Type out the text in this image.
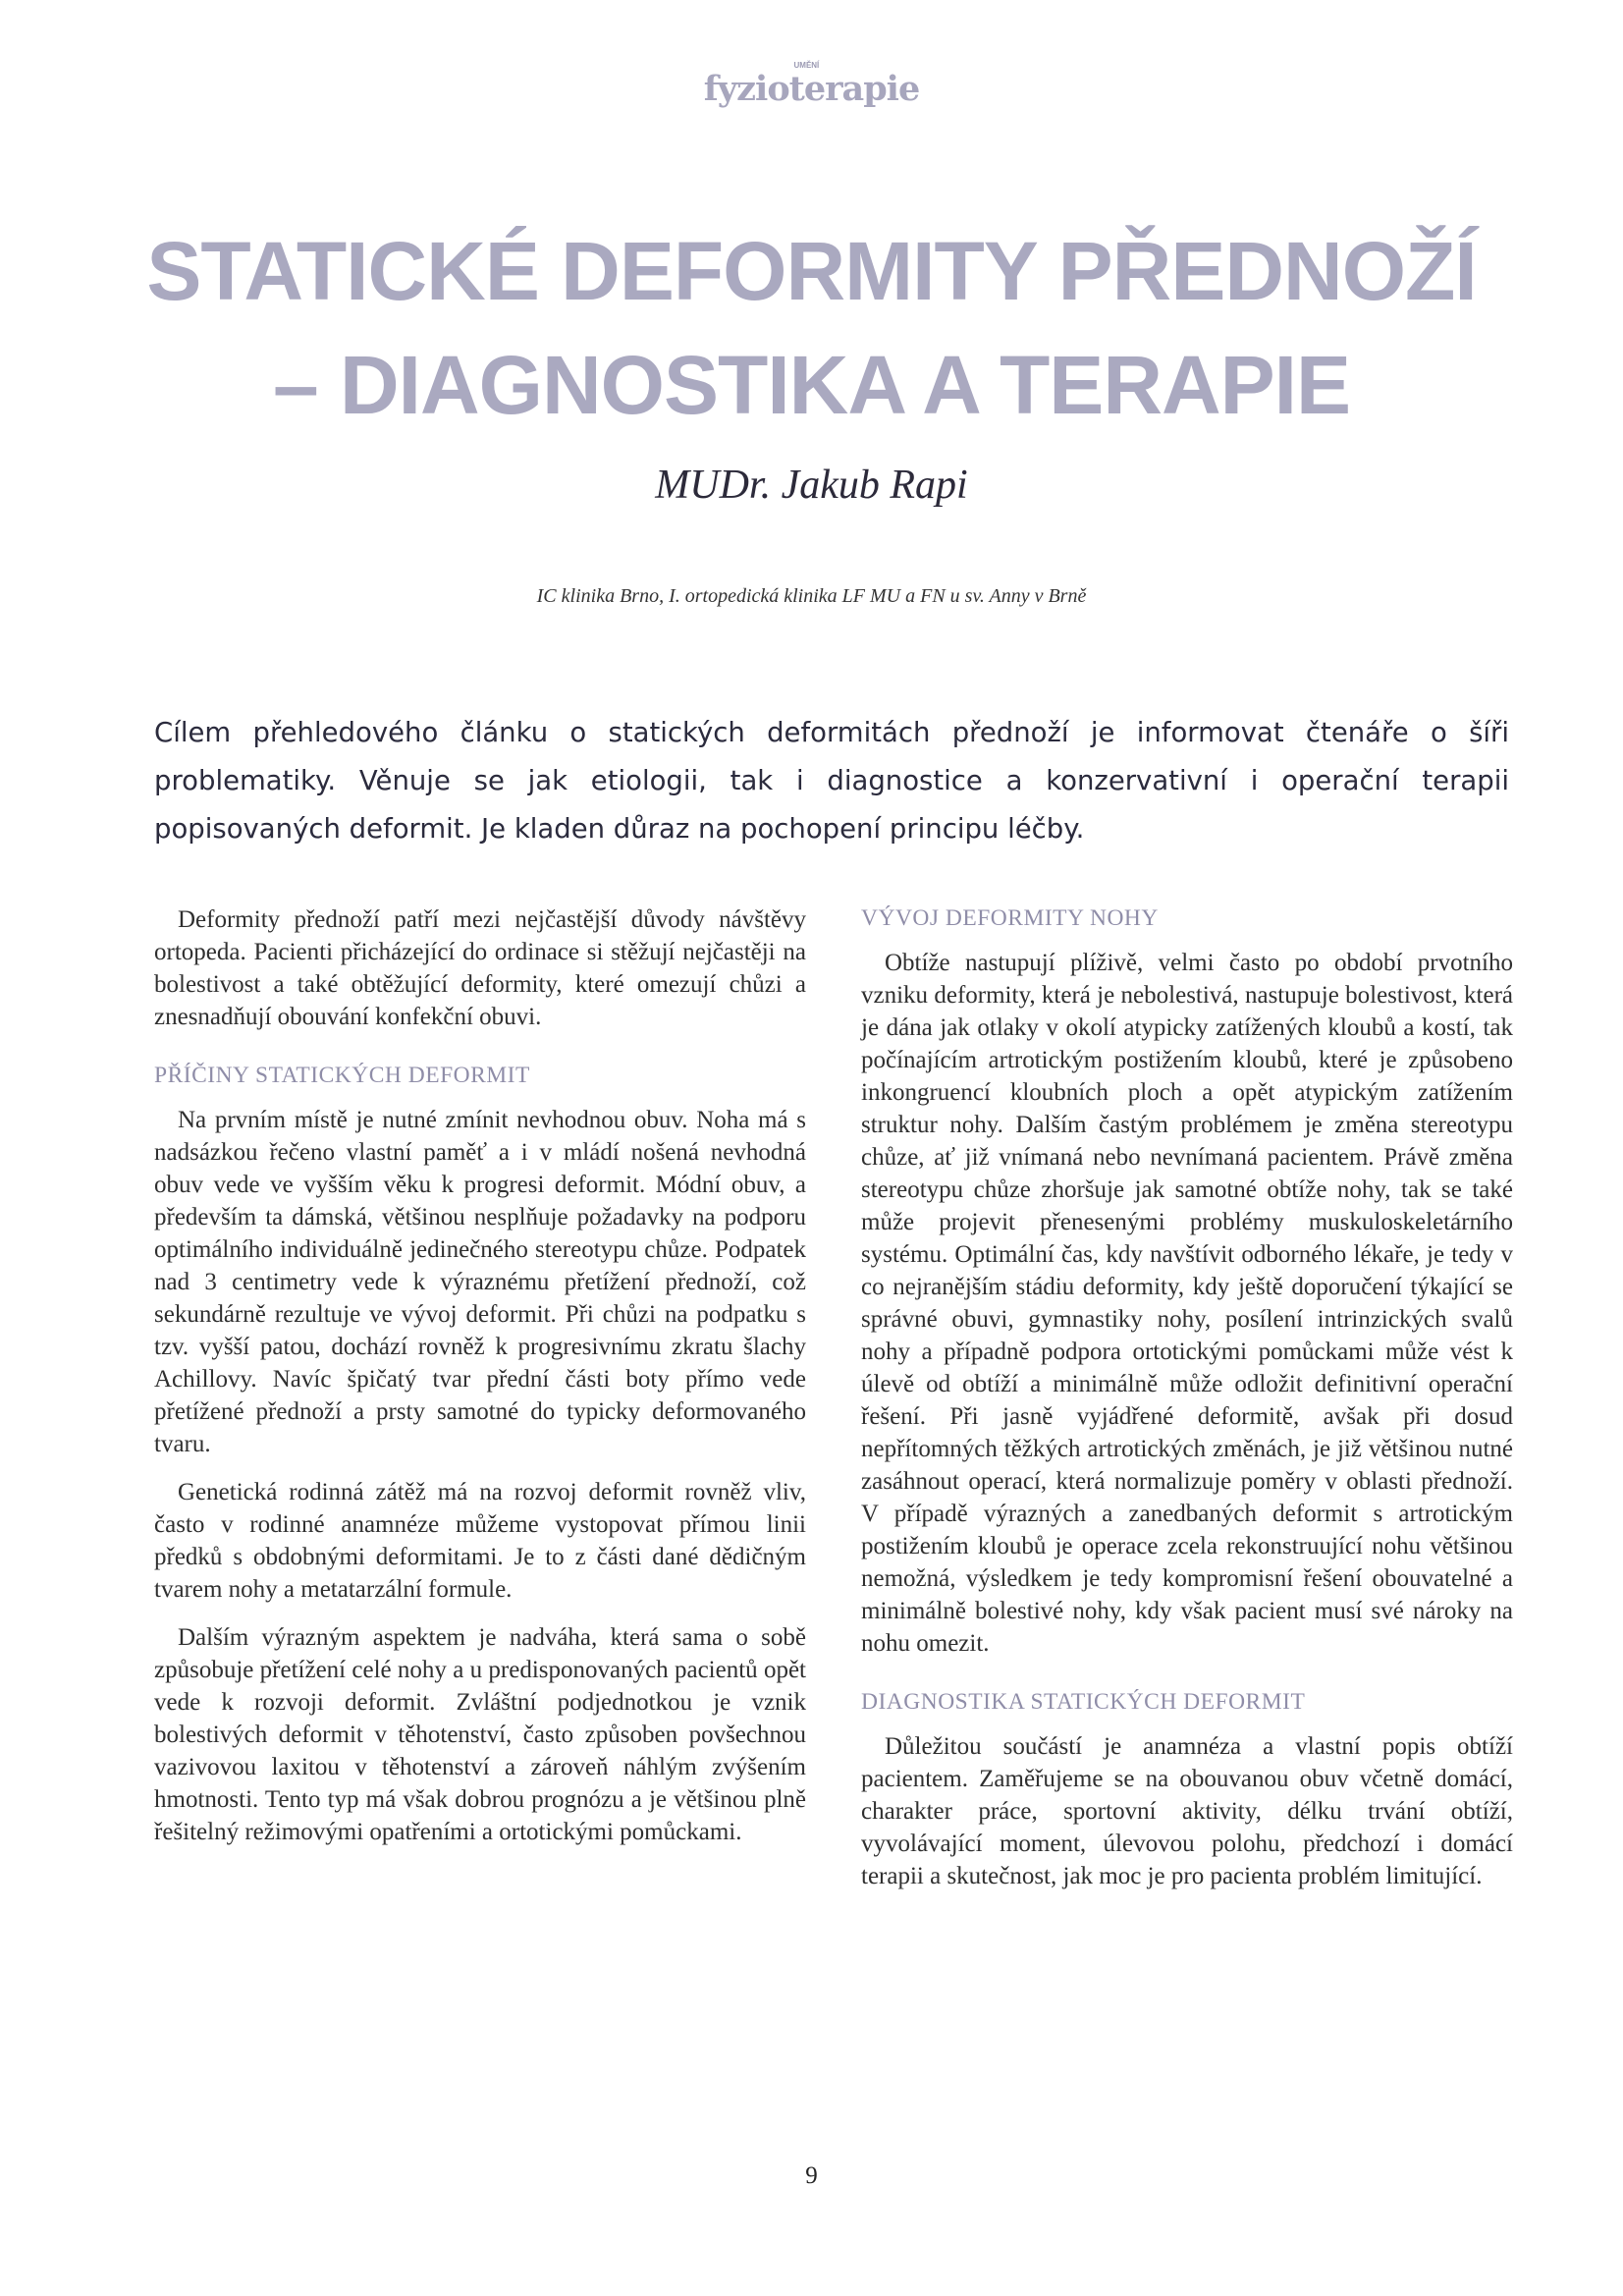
UMĚNÍ
fyzioterapie
STATICKÉ DEFORMITY PŘEDNOŽÍ
– DIAGNOSTIKA A TERAPIE
MUDr. Jakub Rapi
IC klinika Brno, I. ortopedická klinika LF MU a FN u sv. Anny v Brně

Cílem přehledového článku o statických deformitách přednoží je informovat čtenáře o šíři problematiky. Věnuje se jak etiologii, tak i diagnostice a konzervativní i operační terapii popisovaných deformit. Je kladen důraz na pochopení principu léčby.

Deformity přednoží patří mezi nejčastější důvody návštěvy ortopeda. Pacienti přicházející do ordinace si stěžují nejčastěji na bolestivost a také obtěžující deformity, které omezují chůzi a znesnadňují obouvání konfekční obuvi.

PŘÍČINY STATICKÝCH DEFORMIT

Na prvním místě je nutné zmínit nevhodnou obuv. Noha má s nadsázkou řečeno vlastní paměť a i v mládí nošená nevhodná obuv vede ve vyšším věku k progresi deformit. Módní obuv, a především ta dámská, většinou nesplňuje požadavky na podporu optimálního individuálně jedinečného stereotypu chůze. Podpatek nad 3 centimetry vede k výraznému přetížení přednoží, což sekundárně rezultuje ve vývoj deformit. Při chůzi na podpatku s tzv. vyšší patou, dochází rovněž k progresivnímu zkratu šlachy Achillovy. Navíc špičatý tvar přední části boty přímo vede přetížené přednoží a prsty samotné do typicky deformovaného tvaru.

Genetická rodinná zátěž má na rozvoj deformit rovněž vliv, často v rodinné anamnéze můžeme vystopovat přímou linii předků s obdobnými deformitami. Je to z části dané dědičným tvarem nohy a metatarzální formule.

Dalším výrazným aspektem je nadváha, která sama o sobě způsobuje přetížení celé nohy a u predisponovaných pacientů opět vede k rozvoji deformit. Zvláštní podjednotkou je vznik bolestivých deformit v těhotenství, často způsoben povšechnou vazivovou laxitou v těhotenství a zároveň náhlým zvýšením hmotnosti. Tento typ má však dobrou prognózu a je většinou plně řešitelný režimovými opatřeními a ortotickými pomůckami.

VÝVOJ DEFORMITY NOHY

Obtíže nastupují plíživě, velmi často po období prvotního vzniku deformity, která je nebolestivá, nastupuje bolestivost, která je dána jak otlaky v okolí atypicky zatížených kloubů a kostí, tak počínajícím artrotickým postižením kloubů, které je způsobeno inkongruencí kloubních ploch a opět atypickým zatížením struktur nohy. Dalším častým problémem je změna stereotypu chůze, ať již vnímaná nebo nevnímaná pacientem. Právě změna stereotypu chůze zhoršuje jak samotné obtíže nohy, tak se také může projevit přenesenými problémy muskuloskeletárního systému. Optimální čas, kdy navštívit odborného lékaře, je tedy v co nejranějším stádiu deformity, kdy ještě doporučení týkající se správné obuvi, gymnastiky nohy, posílení intrinzických svalů nohy a případně podpora ortotickými pomůckami může vést k úlevě od obtíží a minimálně může odložit definitivní operační řešení. Při jasně vyjádřené deformitě, avšak při dosud nepřítomných těžkých artrotických změnách, je již většinou nutné zasáhnout operací, která normalizuje poměry v oblasti přednoží. V případě výrazných a zanedbaných deformit s artrotickým postižením kloubů je operace zcela rekonstruující nohu většinou nemožná, výsledkem je tedy kompromisní řešení obouvatelné a minimálně bolestivé nohy, kdy však pacient musí své nároky na nohu omezit.

DIAGNOSTIKA STATICKÝCH DEFORMIT

Důležitou součástí je anamnéza a vlastní popis obtíží pacientem. Zaměřujeme se na obouvanou obuv včetně domácí, charakter práce, sportovní aktivity, délku trvání obtíží, vyvolávající moment, úlevovou polohu, předchozí i domácí terapii a skutečnost, jak moc je pro pacienta problém limitující.

9
